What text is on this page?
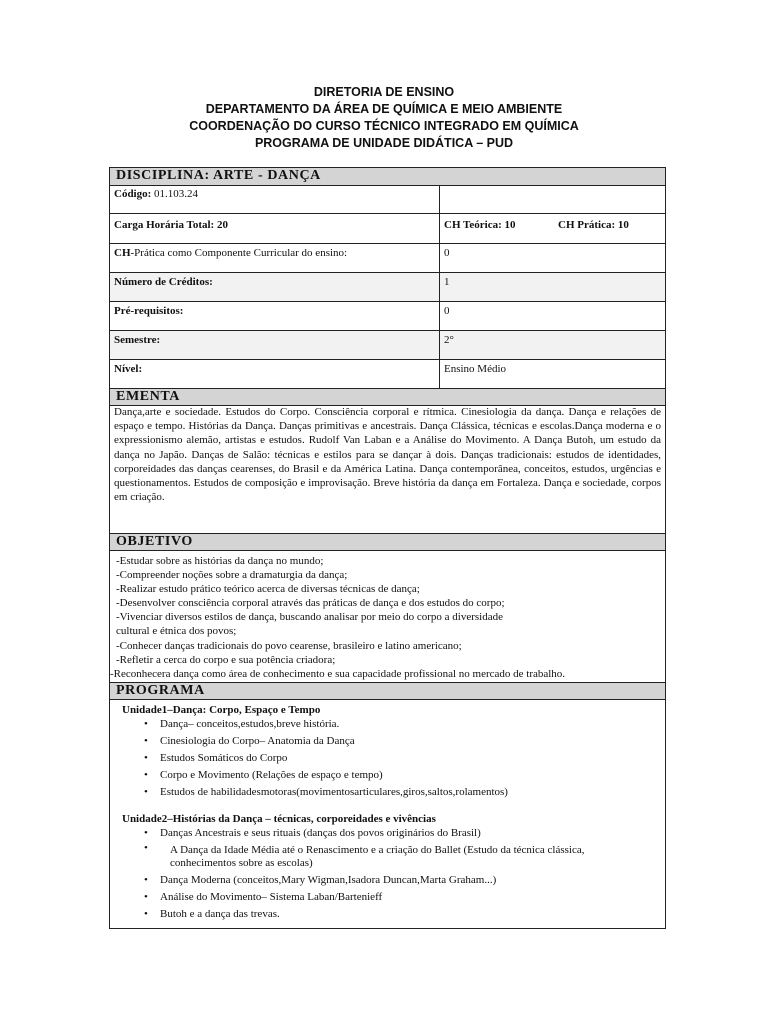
DIRETORIA DE ENSINO
DEPARTAMENTO DA ÁREA DE QUÍMICA E MEIO AMBIENTE
COORDENAÇÃO DO CURSO TÉCNICO INTEGRADO EM QUÍMICA
PROGRAMA DE UNIDADE DIDÁTICA – PUD
DISCIPLINA: ARTE - DANÇA
Código: 01.103.24
Carga Horária Total: 20	CH Teórica: 10	CH Prática: 10
CH-Prática como Componente Curricular do ensino:	0
Número de Créditos:	1
Pré-requisitos:	0
Semestre:	2°
Nível:	Ensino Médio
EMENTA
Dança,arte e sociedade. Estudos do Corpo. Consciência corporal e rítmica. Cinesiologia da dança. Dança e relações de espaço e tempo. Histórias da Dança. Danças primitivas e ancestrais. Dança Clássica, técnicas e escolas.Dança moderna e o expressionismo alemão, artistas e estudos. Rudolf Van Laban e a Análise do Movimento. A Dança Butoh, um estudo da dança no Japão. Danças de Salão: técnicas e estilos para se dançar à dois. Danças tradicionais: estudos de identidades, corporeidades das danças cearenses, do Brasil e da América Latina. Dança contemporânea, conceitos, estudos, urgências e questionamentos. Estudos de composição e improvisação. Breve história da dança em Fortaleza. Dança e sociedade, corpos em criação.
OBJETIVO
-Estudar sobre as histórias da dança no mundo;
-Compreender noções sobre a dramaturgia da dança;
-Realizar estudo prático teórico acerca de diversas técnicas de dança;
-Desenvolver consciência corporal através das práticas de dança e dos estudos do corpo;
-Vivenciar diversos estilos de dança, buscando analisar por meio do corpo a diversidade
cultural e étnica dos povos;
-Conhecer danças tradicionais do povo cearense, brasileiro e latino americano;
-Refletir a cerca do corpo e sua potência criadora;
-Reconhecera dança como área de conhecimento e sua capacidade profissional no mercado de trabalho.
PROGRAMA
Unidade1–Dança: Corpo, Espaço e Tempo
• Dança– conceitos,estudos,breve história.
• Cinesiologia do Corpo– Anatomia da Dança
• Estudos Somáticos do Corpo
• Corpo e Movimento (Relações de espaço e tempo)
• Estudos de habilidadesmotoras(movimentosarticulares,giros,saltos,rolamentos)
Unidade2–Histórias da Dança – técnicas, corporeidades e vivências
• Danças Ancestrais e seus rituais (danças dos povos originários do Brasil)
• A Dança da Idade Média até o Renascimento e a criação do Ballet (Estudo da técnica clássica, conhecimentos sobre as escolas)
• Dança Moderna (conceitos,Mary Wigman,Isadora Duncan,Marta Graham...)
• Análise do Movimento– Sistema Laban/Bartenieff
• Butoh e a dança das trevas.
